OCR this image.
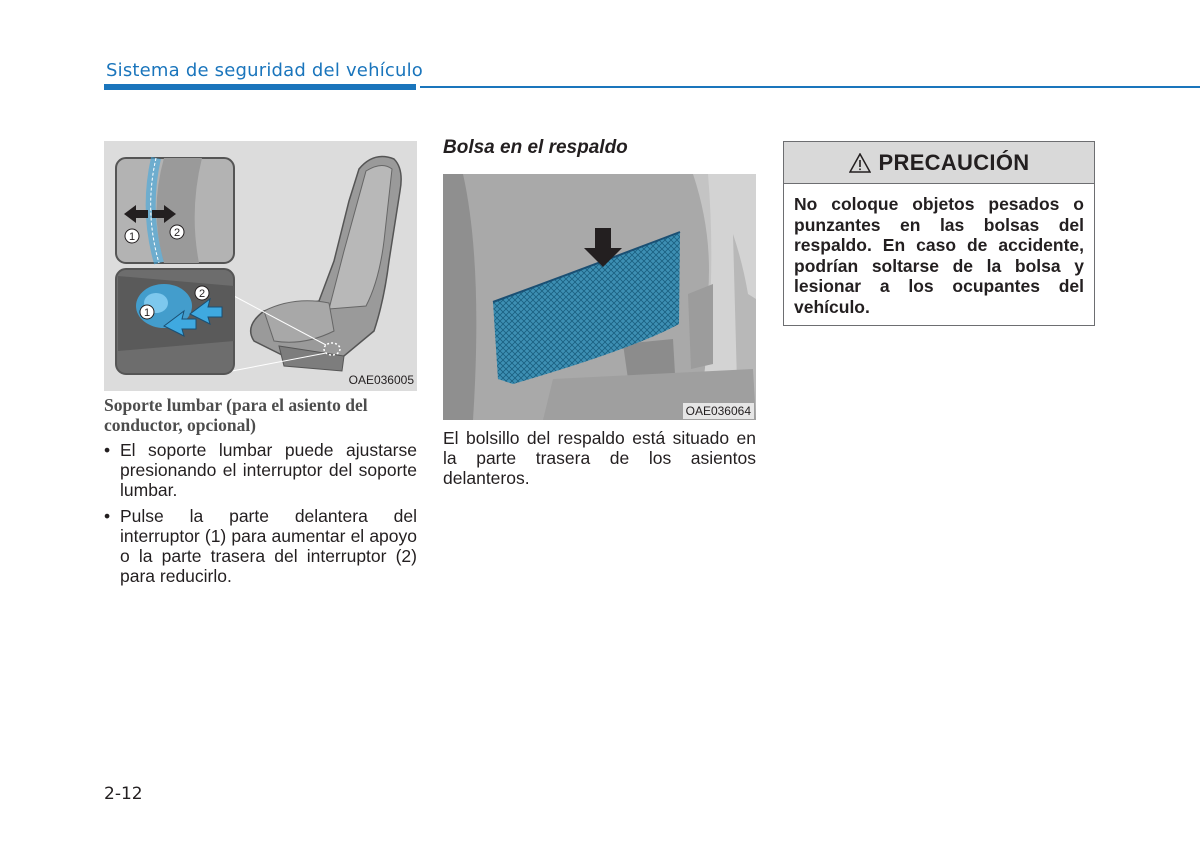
Sistema de seguridad del vehículo
1	2
1
2
OAE036005
Soporte lumbar (para el asiento del conductor, opcional)
• El soporte lumbar puede ajustarse presionando el interruptor del soporte lumbar.
• Pulse la parte delantera del interruptor (1) para aumentar el apoyo o la parte trasera del interruptor (2) para reducirlo.
Bolsa en el respaldo
OAE036064
El bolsillo del respaldo está situado en la parte trasera de los asientos delanteros.
PRECAUCIÓN
No coloque objetos pesados o punzantes en las bolsas del respaldo. En caso de accidente, podrían soltarse de la bolsa y lesionar a los ocupantes del vehículo.
2-12
